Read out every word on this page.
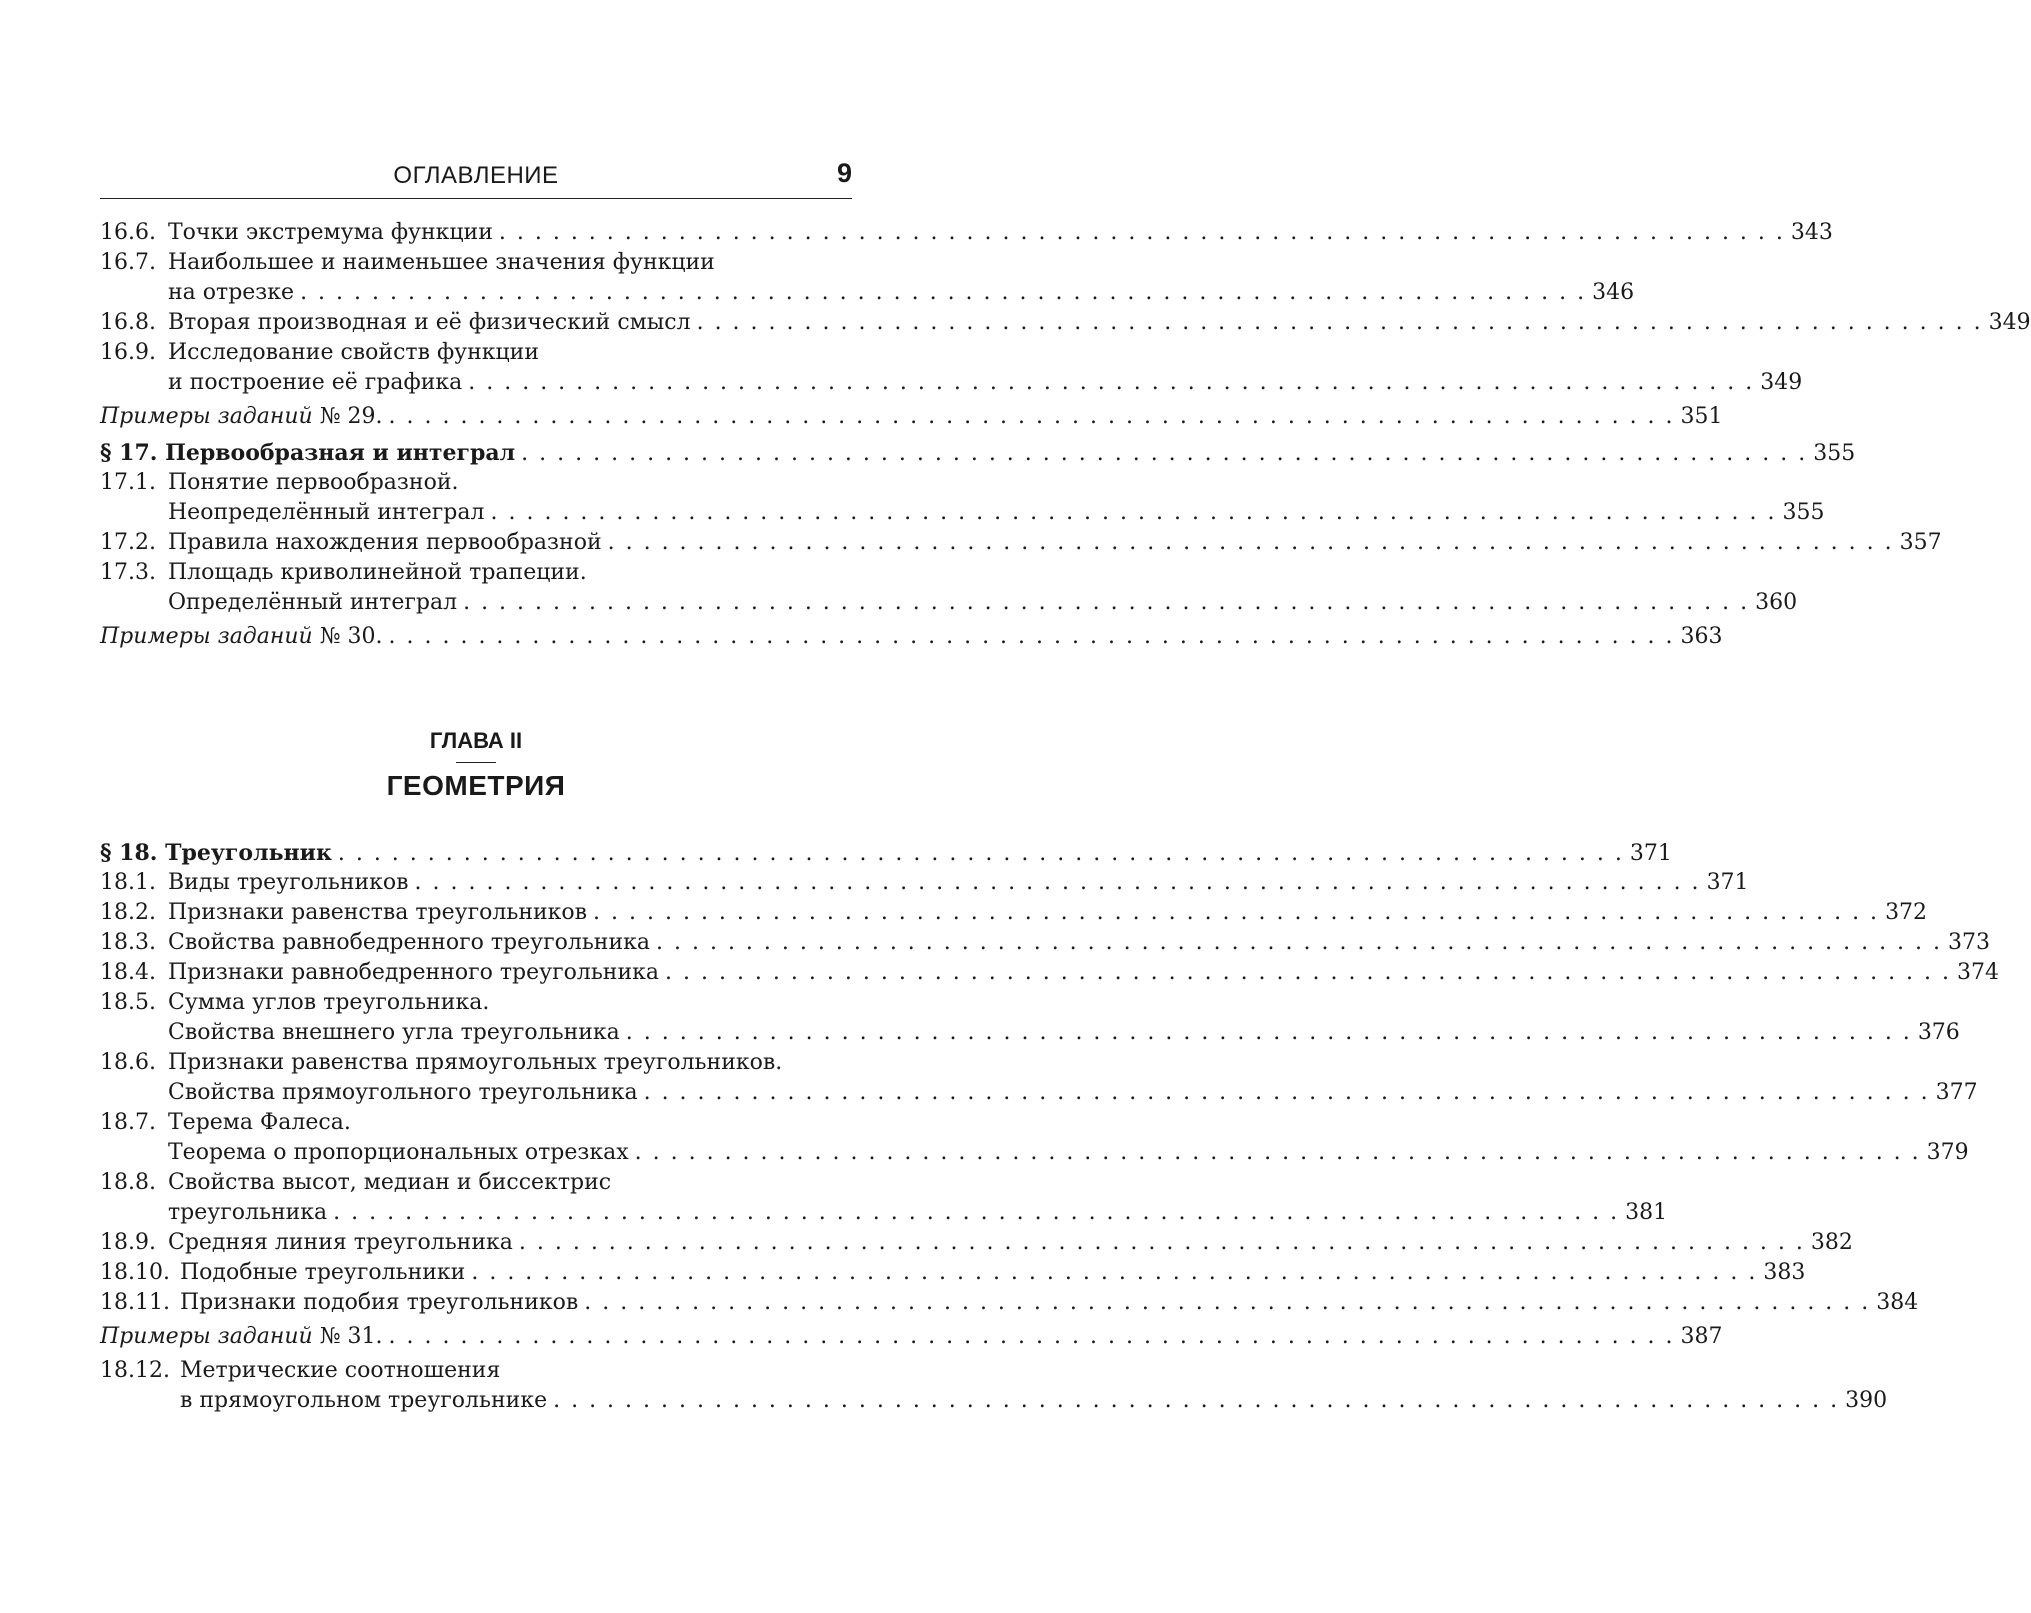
ОГЛАВЛЕНИЕ	9
16.6. Точки экстремума функции . . . . . . . . . . . . . . . . . . . . . . . . . . . . . . . . . . . . . . . . . . . . . . . . . . . . . . . . . . . . . . . . . . . . . . . . 343
16.7. Наибольшее и наименьшее значения функции
на отрезке . . . . . . . . . . . . . . . . . . . . . . . . . . . . . . . . . . . . . . . . . . . . . . . . . . . . . . . . . . . . . . . . . . . . . . . . 346
16.8. Вторая производная и её физический смысл . . . . . . . . . . . . . . . . . . . . . . . . . . . . . . . . . . . . . . . . . . . . . . . . . . . . . . . . . . . . . . . . . . . . . . . . 349
16.9. Исследование свойств функции
и построение её графика . . . . . . . . . . . . . . . . . . . . . . . . . . . . . . . . . . . . . . . . . . . . . . . . . . . . . . . . . . . . . . . . . . . . . . . . 349
Примеры заданий № 29. . . . . . . . . . . . . . . . . . . . . . . . . . . . . . . . . . . . . . . . . . . . . . . . . . . . . . . . . . . . . . . . . . . . . . . . . 351
§ 17. Первообразная и интеграл . . . . . . . . . . . . . . . . . . . . . . . . . . . . . . . . . . . . . . . . . . . . . . . . . . . . . . . . . . . . . . . . . . . . . . . . 355
17.1. Понятие первообразной.
Неопределённый интеграл . . . . . . . . . . . . . . . . . . . . . . . . . . . . . . . . . . . . . . . . . . . . . . . . . . . . . . . . . . . . . . . . . . . . . . . . 355
17.2. Правила нахождения первообразной . . . . . . . . . . . . . . . . . . . . . . . . . . . . . . . . . . . . . . . . . . . . . . . . . . . . . . . . . . . . . . . . . . . . . . . . 357
17.3. Площадь криволинейной трапеции.
Определённый интеграл . . . . . . . . . . . . . . . . . . . . . . . . . . . . . . . . . . . . . . . . . . . . . . . . . . . . . . . . . . . . . . . . . . . . . . . . 360
Примеры заданий № 30. . . . . . . . . . . . . . . . . . . . . . . . . . . . . . . . . . . . . . . . . . . . . . . . . . . . . . . . . . . . . . . . . . . . . . . . . 363
ГЛАВА II
ГЕОМЕТРИЯ
§ 18. Треугольник . . . . . . . . . . . . . . . . . . . . . . . . . . . . . . . . . . . . . . . . . . . . . . . . . . . . . . . . . . . . . . . . . . . . . . . . 371
18.1. Виды треугольников . . . . . . . . . . . . . . . . . . . . . . . . . . . . . . . . . . . . . . . . . . . . . . . . . . . . . . . . . . . . . . . . . . . . . . . . 371
18.2. Признаки равенства треугольников . . . . . . . . . . . . . . . . . . . . . . . . . . . . . . . . . . . . . . . . . . . . . . . . . . . . . . . . . . . . . . . . . . . . . . . . 372
18.3. Свойства равнобедренного треугольника . . . . . . . . . . . . . . . . . . . . . . . . . . . . . . . . . . . . . . . . . . . . . . . . . . . . . . . . . . . . . . . . . . . . . . . . 373
18.4. Признаки равнобедренного треугольника . . . . . . . . . . . . . . . . . . . . . . . . . . . . . . . . . . . . . . . . . . . . . . . . . . . . . . . . . . . . . . . . . . . . . . . . 374
18.5. Сумма углов треугольника.
Свойства внешнего угла треугольника . . . . . . . . . . . . . . . . . . . . . . . . . . . . . . . . . . . . . . . . . . . . . . . . . . . . . . . . . . . . . . . . . . . . . . . . 376
18.6. Признаки равенства прямоугольных треугольников.
Свойства прямоугольного треугольника . . . . . . . . . . . . . . . . . . . . . . . . . . . . . . . . . . . . . . . . . . . . . . . . . . . . . . . . . . . . . . . . . . . . . . . . 377
18.7. Терема Фалеса.
Теорема о пропорциональных отрезках . . . . . . . . . . . . . . . . . . . . . . . . . . . . . . . . . . . . . . . . . . . . . . . . . . . . . . . . . . . . . . . . . . . . . . . . 379
18.8. Свойства высот, медиан и биссектрис
треугольника . . . . . . . . . . . . . . . . . . . . . . . . . . . . . . . . . . . . . . . . . . . . . . . . . . . . . . . . . . . . . . . . . . . . . . . . 381
18.9. Средняя линия треугольника . . . . . . . . . . . . . . . . . . . . . . . . . . . . . . . . . . . . . . . . . . . . . . . . . . . . . . . . . . . . . . . . . . . . . . . . 382
18.10. Подобные треугольники . . . . . . . . . . . . . . . . . . . . . . . . . . . . . . . . . . . . . . . . . . . . . . . . . . . . . . . . . . . . . . . . . . . . . . . . 383
18.11. Признаки подобия треугольников . . . . . . . . . . . . . . . . . . . . . . . . . . . . . . . . . . . . . . . . . . . . . . . . . . . . . . . . . . . . . . . . . . . . . . . . 384
Примеры заданий № 31. . . . . . . . . . . . . . . . . . . . . . . . . . . . . . . . . . . . . . . . . . . . . . . . . . . . . . . . . . . . . . . . . . . . . . . . . 387
18.12. Метрические соотношения
в прямоугольном треугольнике . . . . . . . . . . . . . . . . . . . . . . . . . . . . . . . . . . . . . . . . . . . . . . . . . . . . . . . . . . . . . . . . . . . . . . . . 390
